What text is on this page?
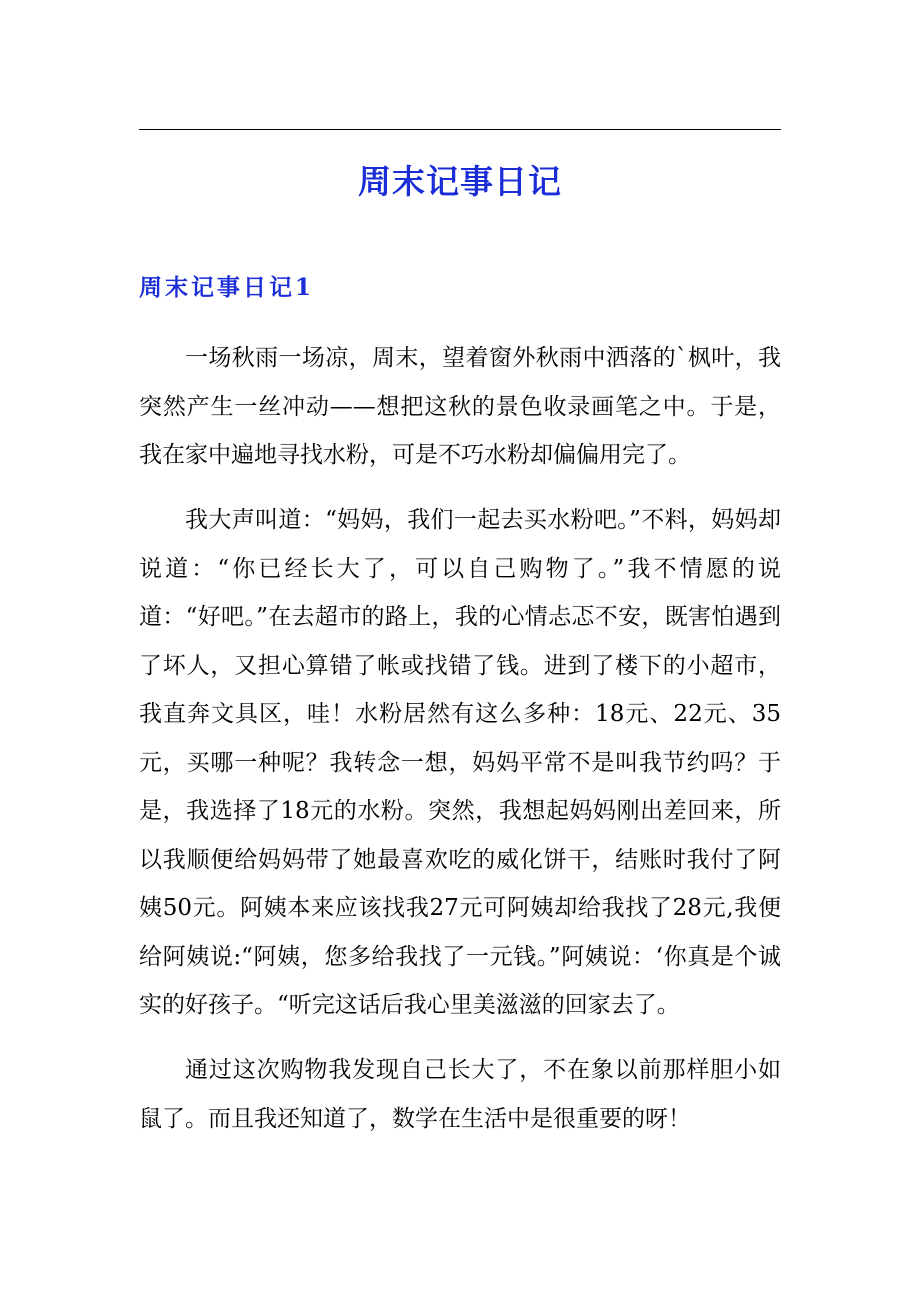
周末记事日记
周末记事日记1

一场秋雨一场凉，周末，望着窗外秋雨中洒落的`枫叶，我突然产生一丝冲动——想把这秋的景色收录画笔之中。于是，我在家中遍地寻找水粉，可是不巧水粉却偏偏用完了。

我大声叫道：“妈妈，我们一起去买水粉吧。”不料，妈妈却说道：“你已经长大了，可以自己购物了。”我不情愿的说道：“好吧。”在去超市的路上，我的心情忐忑不安，既害怕遇到了坏人，又担心算错了帐或找错了钱。进到了楼下的小超市，我直奔文具区，哇！水粉居然有这么多种：18元、22元、35元，买哪一种呢？我转念一想，妈妈平常不是叫我节约吗？于是，我选择了18元的水粉。突然，我想起妈妈刚出差回来，所以我顺便给妈妈带了她最喜欢吃的威化饼干，结账时我付了阿姨50元。阿姨本来应该找我27元可阿姨却给我找了28元,我便给阿姨说:“阿姨，您多给我找了一元钱。”阿姨说：‘你真是个诚实的好孩子。“听完这话后我心里美滋滋的回家去了。

通过这次购物我发现自己长大了，不在象以前那样胆小如鼠了。而且我还知道了，数学在生活中是很重要的呀！
